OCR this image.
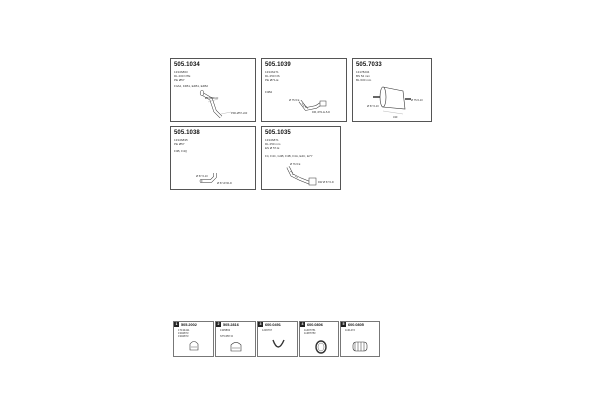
505.1034
1334S863
DL 200 NTE
PE Ø57
F4A2, F4B1, E4B1, E4B2
Ø57/Ø60-D
PDF-Ø57-L60
505.1039
1334S271
DL 250 NS
PE Ø71-E
F4B2
Ø 75-5 E
DM, Ø71-E-5-D
505.7033
13178234
BS 54 mm
BL 630 mm
Ø 75-5-10
Ø 57-5-10
430
505.1038
1334S835
PE Ø57
F4B, F4Q
Ø 57-5-10
Ø 57-Ø 60-D
505.1035
1334S871
DL 250 mm
ES Ø 57-E
F4, F4C, G4B, F4B, F4A, E4C, E7Y
Ø 76-5 E
DW Ø 57-5-D
1 505.2002
1T134411
1S92873
1S92873
2 505.2816
1335863
ST5 Ø57-D
3 600.0491
1236767
4 600.0806
1149T781
1138T783
5 600.0805
1131472
